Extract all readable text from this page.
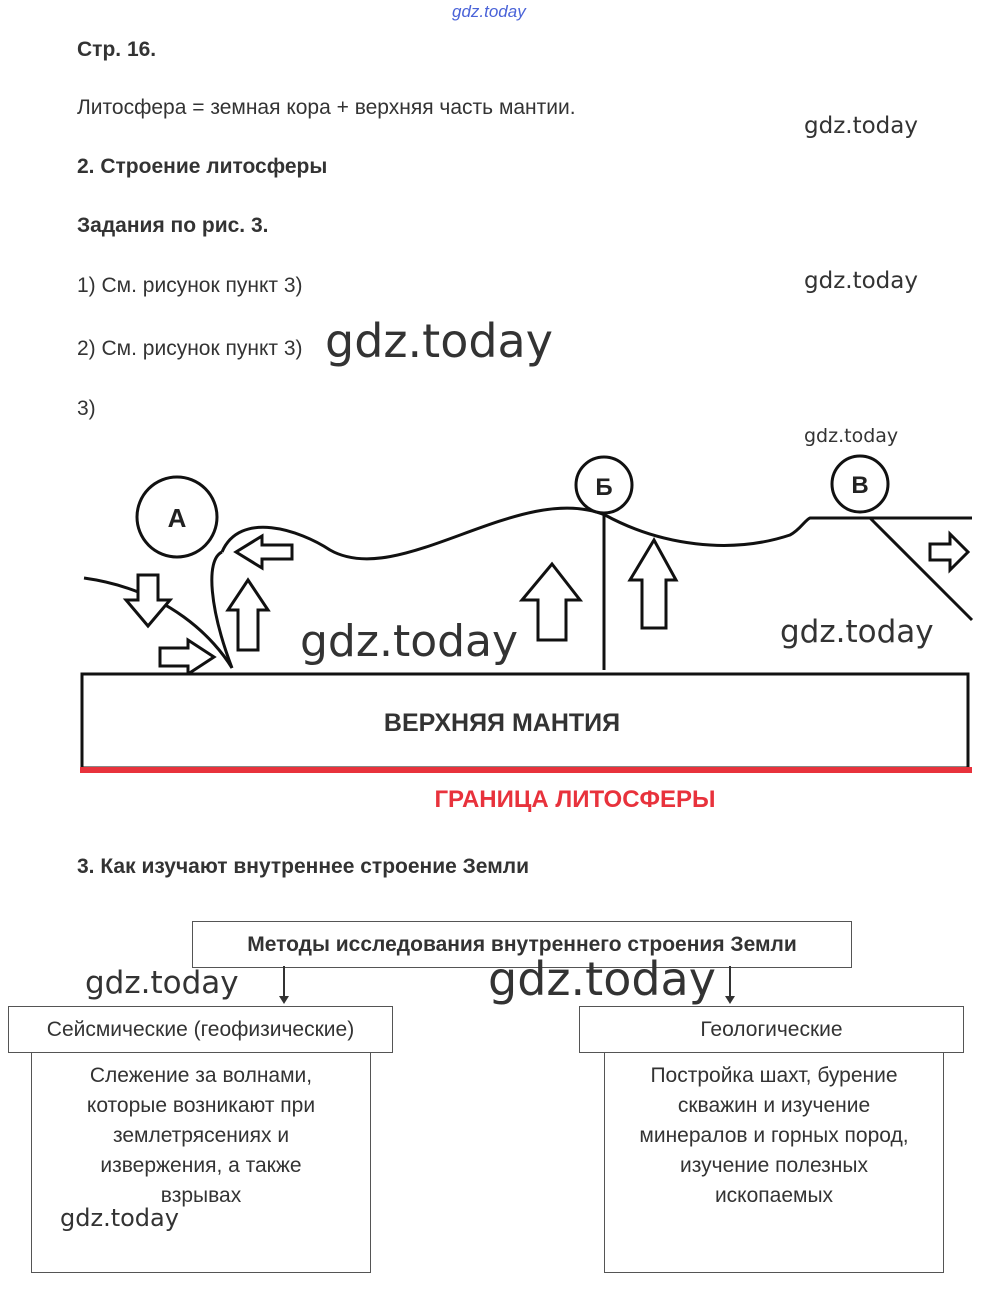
gdz.today
Стр. 16.
Литосфера = земная кора + верхняя часть мантии.
gdz.today
2. Строение литосферы
Задания по рис. 3.
1) См. рисунок пункт 3)	gdz.today
2) См. рисунок пункт 3) gdz.today
3)
gdz.today
А
Б	В
ВЕРХНЯЯ МАНТИЯ
ГРАНИЦА ЛИТОСФЕРЫ
gdz.today	gdz.today
3. Как изучают внутреннее строение Земли
Методы исследования внутреннего строения Земли
gdz.today	gdz.today
Слежение за волнами,
которые возникают при
землетрясениях и
извержения, а также
взрывах
Сейсмические (геофизические)
gdz.today
Постройка шахт, бурение
скважин и изучение
минералов и горных пород,
изучение полезных
ископаемых
Геологические
